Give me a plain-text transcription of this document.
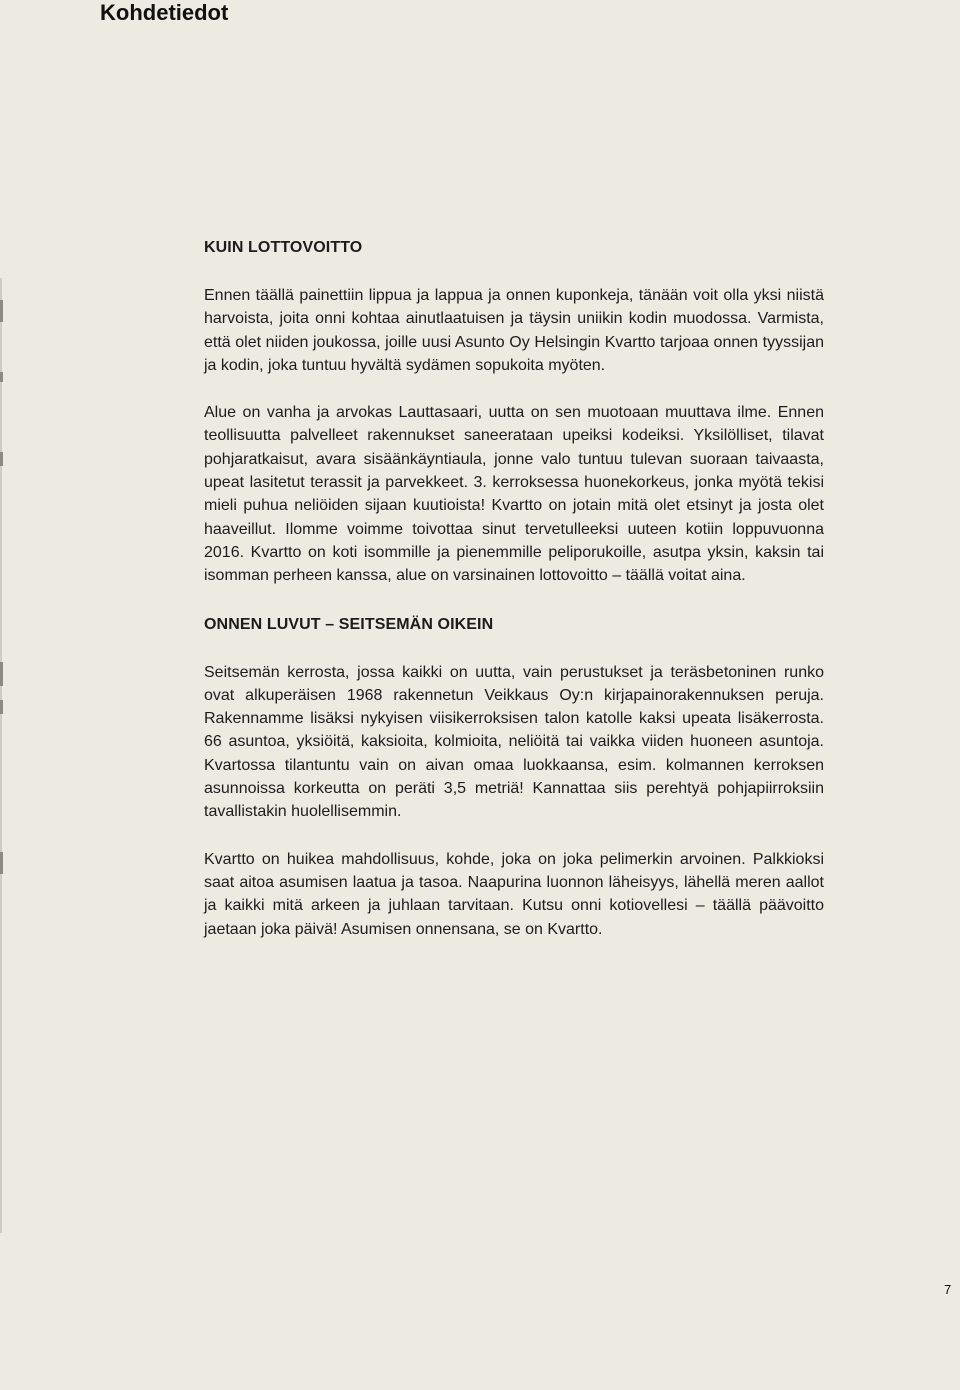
Kohdetiedot
KUIN LOTTOVOITTO

Ennen täällä painettiin lippua ja lappua ja onnen kuponkeja, tänään voit olla yksi niistä harvoista, joita onni kohtaa ainutlaatuisen ja täysin uniikin kodin muodossa. Varmista, että olet niiden joukossa, joille uusi Asunto Oy Helsingin Kvartto tarjoaa onnen tyyssijan ja kodin, joka tuntuu hyvältä sydämen sopukoita myöten.

Alue on vanha ja arvokas Lauttasaari, uutta on sen muotoaan muuttava ilme. Ennen teollisuutta palvelleet rakennukset saneerataan upeiksi kodeiksi. Yksilölliset, tilavat pohjaratkaisut, avara sisäänkäyntiaula, jonne valo tuntuu tulevan suoraan taivaasta, upeat lasitetut terassit ja parvekkeet. 3. kerroksessa huonekorkeus, jonka myötä tekisi mieli puhua neliöiden sijaan kuutioista! Kvartto on jotain mitä olet etsinyt ja josta olet haaveillut. Ilomme voimme toivottaa sinut tervetulleeksi uuteen kotiin loppuvuonna 2016. Kvartto on koti isommille ja pienemmille peliporukoille, asutpa yksin, kaksin tai isomman perheen kanssa, alue on varsinainen lottovoitto – täällä voitat aina.

ONNEN LUVUT – SEITSEMÄN OIKEIN

Seitsemän kerrosta, jossa kaikki on uutta, vain perustukset ja teräsbetoninen runko ovat alkuperäisen 1968 rakennetun Veikkaus Oy:n kirjapainorakennuksen peruja. Rakennamme lisäksi nykyisen viisikerroksisen talon katolle kaksi upeata lisäkerrosta. 66 asuntoa, yksiöitä, kaksioita, kolmioita, neliöitä tai vaikka viiden huoneen asuntoja. Kvartossa tilantuntu vain on aivan omaa luokkaansa, esim. kolmannen kerroksen asunnoissa korkeutta on peräti 3,5 metriä! Kannattaa siis perehtyä pohjapiirroksiin tavallistakin huolellisemmin.

Kvartto on huikea mahdollisuus, kohde, joka on joka pelimerkin arvoinen. Palkkioksi saat aitoa asumisen laatua ja tasoa. Naapurina luonnon läheisyys, lähellä meren aallot ja kaikki mitä arkeen ja juhlaan tarvitaan. Kutsu onni kotiovellesi – täällä päävoitto jaetaan joka päivä! Asumisen onnensana, se on Kvartto.

7
